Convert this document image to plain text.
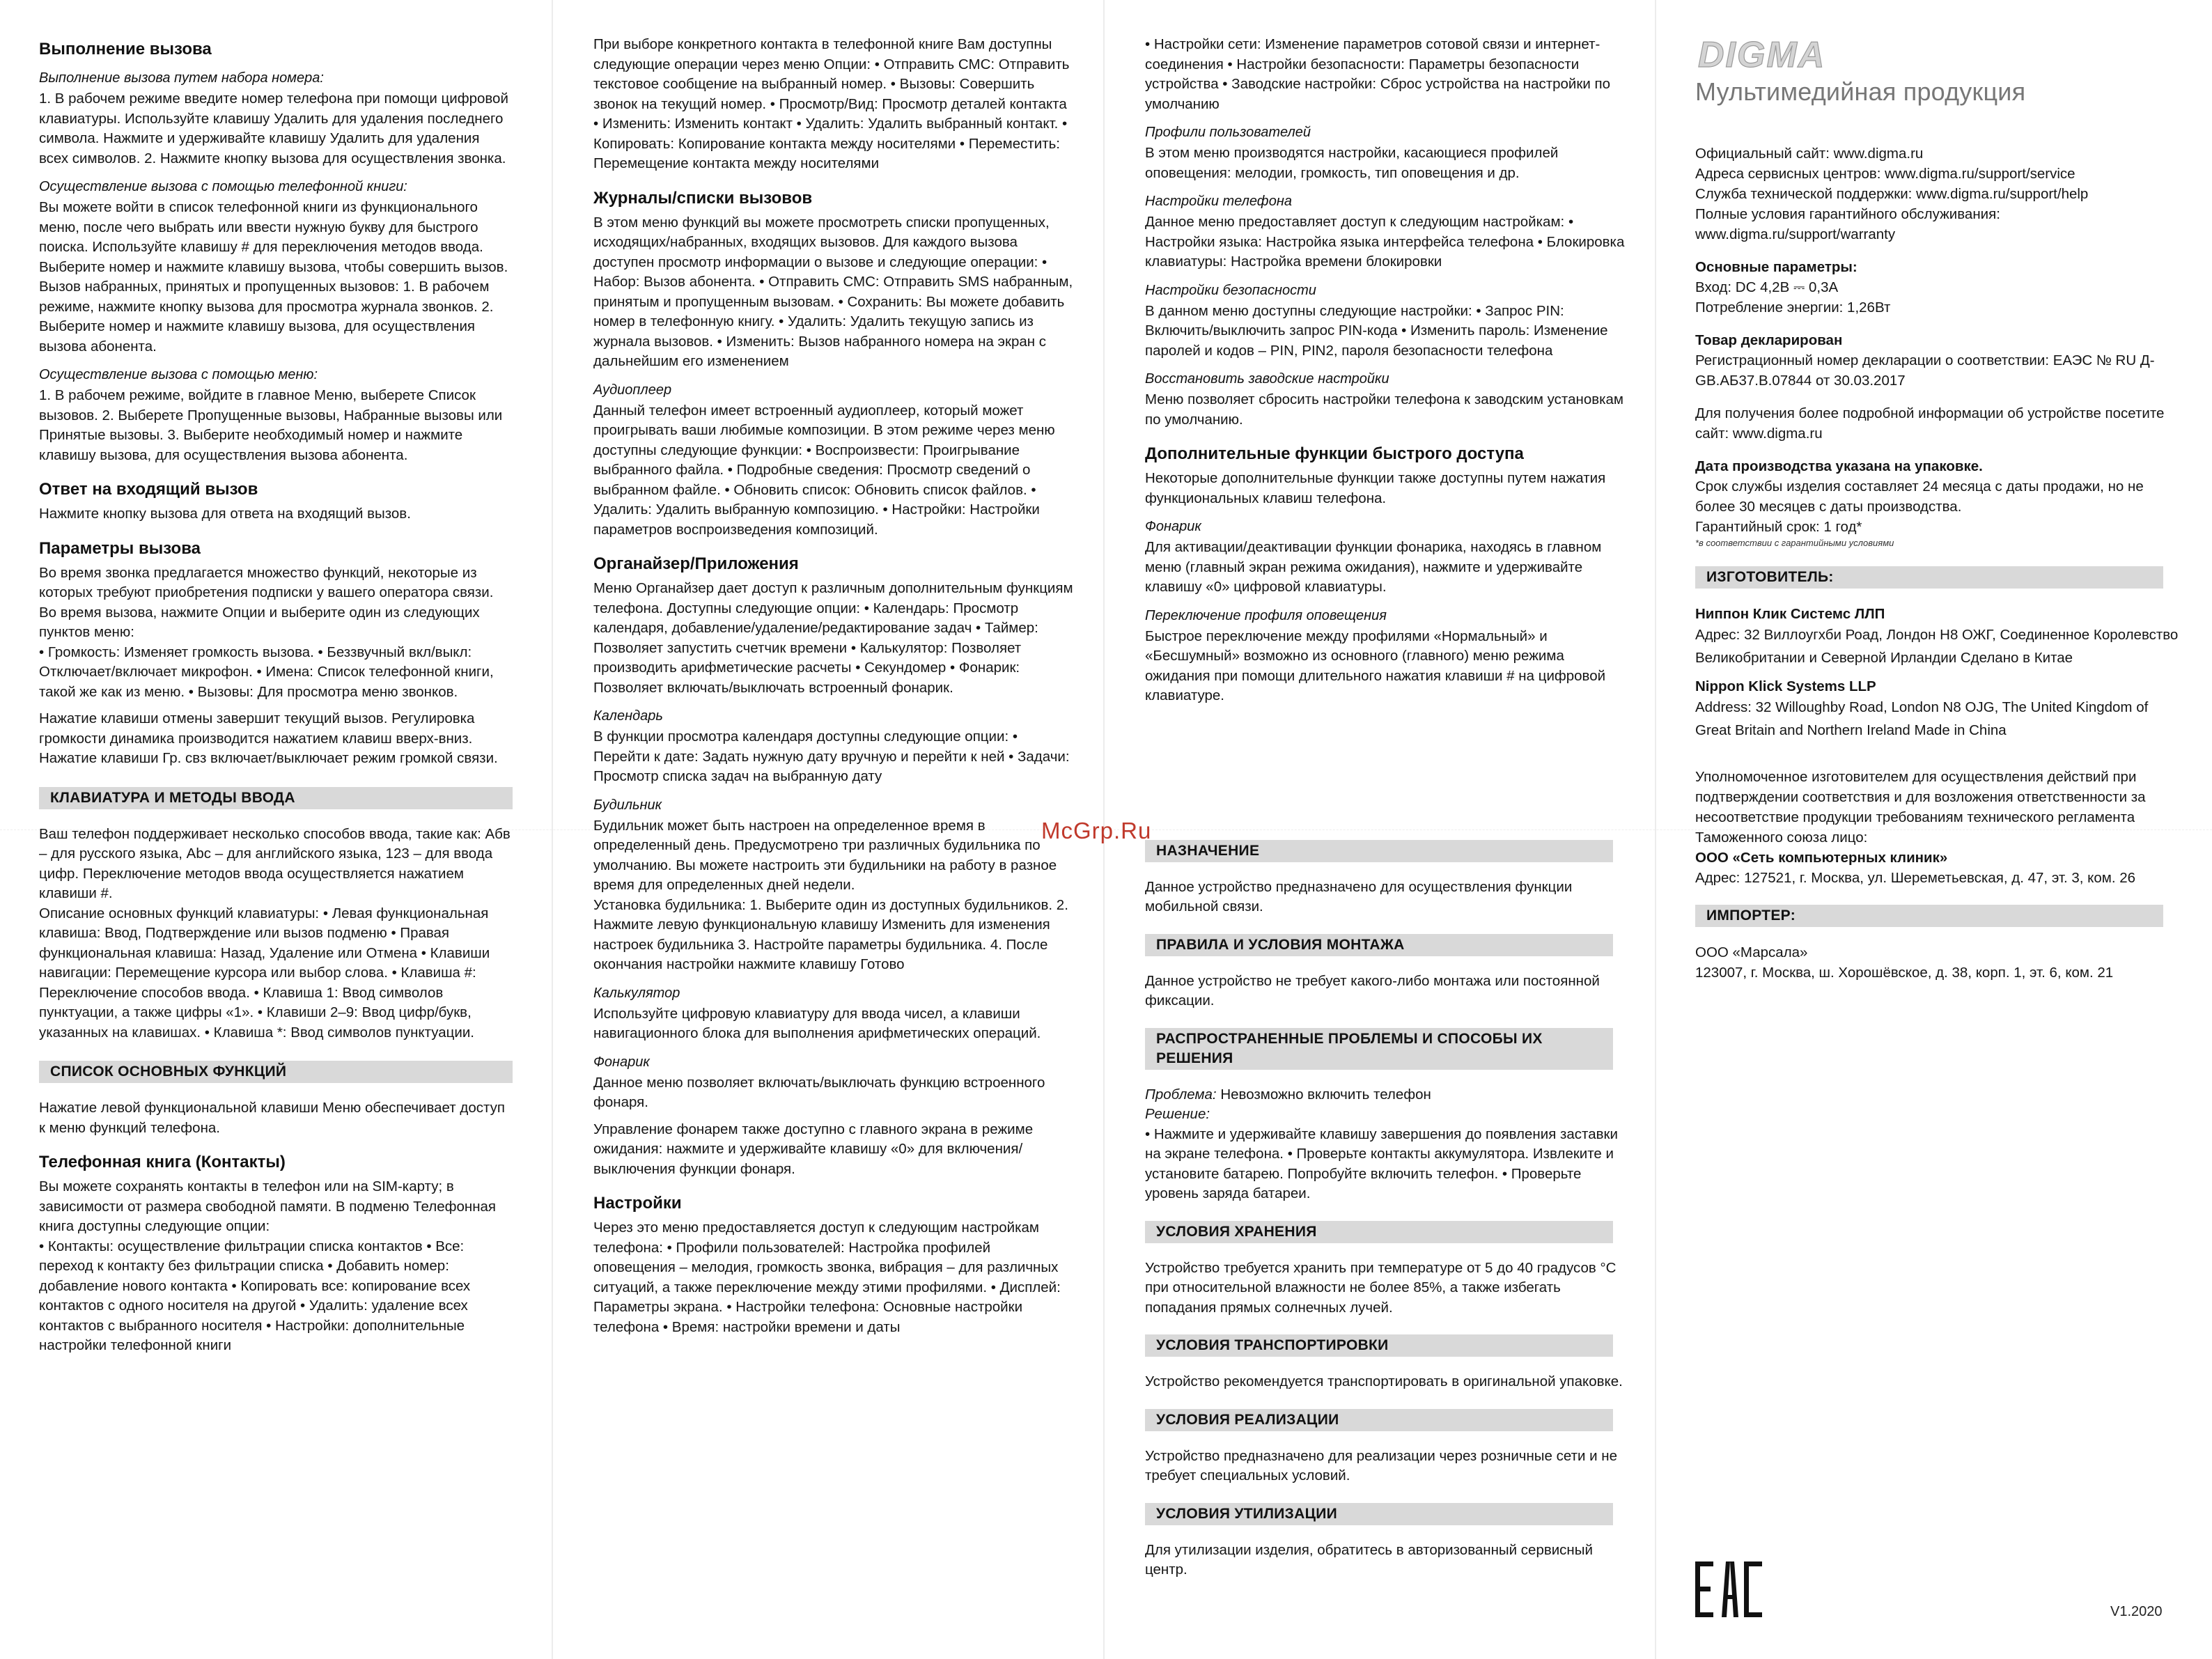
Выполнение вызова
Выполнение вызова путем набора номера:

1. В рабочем режиме введите номер телефона при помощи цифровой клавиатуры. Используйте клавишу Удалить для удаления последнего символа. Нажмите и удерживайте клавишу Удалить для удаления всех символов. 2. Нажмите кнопку вызова для осуществления звонка.

Осуществление вызова с помощью телефонной книги:

Вы можете войти в список телефонной книги из функционального меню, после чего выбрать или ввести нужную букву для быстрого поиска. Используйте клавишу # для переключения методов ввода. Выберите номер и нажмите клавишу вызова, чтобы совершить вызов.

Вызов набранных, принятых и пропущенных вызовов: 1. В рабочем режиме, нажмите кнопку вызова для просмотра журнала звонков. 2. Выберите номер и нажмите клавишу вызова, для осуществления вызова абонента.

Осуществление вызова с помощью меню:

1. В рабочем режиме, войдите в главное Меню, выберете Список вызовов. 2. Выберете Пропущенные вызовы, Набранные вызовы или Принятые вызовы. 3. Выберите необходимый номер и нажмите клавишу вызова, для осуществления вызова абонента.

Ответ на входящий вызов

Нажмите кнопку вызова для ответа на входящий вызов.

Параметры вызова

Во время звонка предлагается множество функций, некоторые из которых требуют приобретения подписки у вашего оператора связи. Во время вызова, нажмите Опции и выберите один из следующих пунктов меню:

• Громкость: Изменяет громкость вызова. • Беззвучный вкл/выкл: Отключает/включает микрофон. • Имена: Список телефонной книги, такой же как из меню. • Вызовы: Для просмотра меню звонков.

Нажатие клавиши отмены завершит текущий вызов. Регулировка громкости динамика производится нажатием клавиш вверх-вниз. Нажатие клавиши Гр. свз включает/выключает режим громкой связи.

КЛАВИАТУРА И МЕТОДЫ ВВОДА

Ваш телефон поддерживает несколько способов ввода, такие как: Абв – для русского языка, Abc – для английского языка, 123 – для ввода цифр. Переключение методов ввода осуществляется нажатием клавиши #.

Описание основных функций клавиатуры: • Левая функциональная клавиша: Ввод, Подтверждение или вызов подменю • Правая функциональная клавиша: Назад, Удаление или Отмена • Клавиши навигации: Перемещение курсора или выбор слова. • Клавиша #: Переключение способов ввода. • Клавиша 1: Ввод символов пунктуации, а также цифры «1». • Клавиши 2–9: Ввод цифр/букв, указанных на клавишах. • Клавиша *: Ввод символов пунктуации.

СПИСОК ОСНОВНЫХ ФУНКЦИЙ

Нажатие левой функциональной клавиши Меню обеспечивает доступ к меню функций телефона.

Телефонная книга (Контакты)

Вы можете сохранять контакты в телефон или на SIM-карту; в зависимости от размера свободной памяти. В подменю Телефонная книга доступны следующие опции:

• Контакты: осуществление фильтрации списка контактов • Все: переход к контакту без фильтрации списка • Добавить номер: добавление нового контакта • Копировать все: копирование всех контактов с одного носителя на другой • Удалить: удаление всех контактов с выбранного носителя • Настройки: дополнительные настройки телефонной книги

При выборе конкретного контакта в телефонной книге Вам доступны следующие операции через меню Опции: • Отправить СМС: Отправить текстовое сообщение на выбранный номер. • Вызовы: Совершить звонок на текущий номер. • Просмотр/Вид: Просмотр деталей контакта • Изменить: Изменить контакт • Удалить: Удалить выбранный контакт. • Копировать: Копирование контакта между носителями • Переместить: Перемещение контакта между носителями

Журналы/списки вызовов

В этом меню функций вы можете просмотреть списки пропущенных, исходящих/набранных, входящих вызовов. Для каждого вызова доступен просмотр информации о вызове и следующие операции: • Набор: Вызов абонента. • Отправить СМС: Отправить SMS набранным, принятым и пропущенным вызовам. • Сохранить: Вы можете добавить номер в телефонную книгу. • Удалить: Удалить текущую запись из журнала вызовов. • Изменить: Вызов набранного номера на экран с дальнейшим его изменением

Аудиоплеер

Данный телефон имеет встроенный аудиоплеер, который может проигрывать ваши любимые композиции. В этом режиме через меню доступны следующие функции: • Воспроизвести: Проигрывание выбранного файла. • Подробные сведения: Просмотр сведений о выбранном файле. • Обновить список: Обновить список файлов. • Удалить: Удалить выбранную композицию. • Настройки: Настройки параметров воспроизведения композиций.

Органайзер/Приложения

Меню Органайзер дает доступ к различным дополнительным функциям телефона. Доступны следующие опции: • Календарь: Просмотр календаря, добавление/удаление/редактирование задач • Таймер: Позволяет запустить счетчик времени • Калькулятор: Позволяет производить арифметические расчеты • Секундомер • Фонарик: Позволяет включать/выключать встроенный фонарик.

Календарь

В функции просмотра календаря доступны следующие опции: • Перейти к дате: Задать нужную дату вручную и перейти к ней • Задачи: Просмотр списка задач на выбранную дату

Будильник

Будильник может быть настроен на определенное время в определенный день. Предусмотрено три различных будильника по умолчанию. Вы можете настроить эти будильники на работу в разное время для определенных дней недели.

Установка будильника: 1. Выберите один из доступных будильников. 2. Нажмите левую функциональную клавишу Изменить для изменения настроек будильника 3. Настройте параметры будильника. 4. После окончания настройки нажмите клавишу Готово

Калькулятор

Используйте цифровую клавиатуру для ввода чисел, а клавиши навигационного блока для выполнения арифметических операций.

Фонарик

Данное меню позволяет включать/выключать функцию встроенного фонаря.

Управление фонарем также доступно с главного экрана в режиме ожидания: нажмите и удерживайте клавишу «0» для включения/выключения функции фонаря.

Настройки

Через это меню предоставляется доступ к следующим настройкам телефона: • Профили пользователей: Настройка профилей оповещения – мелодия, громкость звонка, вибрация – для различных ситуаций, а также переключение между этими профилями. • Дисплей: Параметры экрана. • Настройки телефона: Основные настройки телефона • Время: настройки времени и даты

• Настройки сети: Изменение параметров сотовой связи и интернет-соединения • Настройки безопасности: Параметры безопасности устройства • Заводские настройки: Сброс устройства на настройки по умолчанию

Профили пользователей

В этом меню производятся настройки, касающиеся профилей оповещения: мелодии, громкость, тип оповещения и др.

Настройки телефона

Данное меню предоставляет доступ к следующим настройкам: • Настройки языка: Настройка языка интерфейса телефона • Блокировка клавиатуры: Настройка времени блокировки

Настройки безопасности

В данном меню доступны следующие настройки: • Запрос PIN: Включить/выключить запрос PIN-кода • Изменить пароль: Изменение паролей и кодов – PIN, PIN2, пароля безопасности телефона

Восстановить заводские настройки

Меню позволяет сбросить настройки телефона к заводским установкам по умолчанию.

Дополнительные функции быстрого доступа

Некоторые дополнительные функции также доступны путем нажатия функциональных клавиш телефона.

Фонарик

Для активации/деактивации функции фонарика, находясь в главном меню (главный экран режима ожидания), нажмите и удерживайте клавишу «0» цифровой клавиатуры.

Переключение профиля оповещения

Быстрое переключение между профилями «Нормальный» и «Бесшумный» возможно из основного (главного) меню режима ожидания при помощи длительного нажатия клавиши # на цифровой клавиатуре.

НАЗНАЧЕНИЕ

Данное устройство предназначено для осуществления функции мобильной связи.

ПРАВИЛА И УСЛОВИЯ МОНТАЖА

Данное устройство не требует какого-либо монтажа или постоянной фиксации.

РАСПРОСТРАНЕННЫЕ ПРОБЛЕМЫ И СПОСОБЫ ИХ РЕШЕНИЯ

Проблема: Невозможно включить телефон

Решение:

• Нажмите и удерживайте клавишу завершения до появления заставки на экране телефона. • Проверьте контакты аккумулятора. Извлеките и установите батарею. Попробуйте включить телефон. • Проверьте уровень заряда батареи.

УСЛОВИЯ ХРАНЕНИЯ

Устройство требуется хранить при температуре от 5 до 40 градусов °С при относительной влажности не более 85%, а также избегать попадания прямых солнечных лучей.

УСЛОВИЯ ТРАНСПОРТИРОВКИ

Устройство рекомендуется транспортировать в оригинальной упаковке.

УСЛОВИЯ РЕАЛИЗАЦИИ

Устройство предназначено для реализации через розничные сети и не требует специальных условий.

УСЛОВИЯ УТИЛИЗАЦИИ

Для утилизации изделия, обратитесь в авторизованный сервисный центр.

DIGMA
Мультимедийная продукция

Официальный сайт: www.digma.ru

Адреса сервисных центров: www.digma.ru/support/service

Служба технической поддержки: www.digma.ru/support/help

Полные условия гарантийного обслуживания: www.digma.ru/support/warranty

Основные параметры:

Вход: DC 4,2В ⎓ 0,3А

Потребление энергии: 1,26Вт

Товар декларирован

Регистрационный номер декларации о соответствии: ЕАЭС № RU Д-GB.АБ37.В.07844 от 30.03.2017

Для получения более подробной информации об устройстве посетите сайт: www.digma.ru

Дата производства указана на упаковке.

Срок службы изделия составляет 24 месяца с даты продажи, но не более 30 месяцев с даты производства.

Гарантийный срок: 1 год*

*в соответствии с гарантийными условиями
ИЗГОТОВИТЕЛЬ:

Ниппон Клик Системс ЛЛП

Адрес: 32 Виллоугхби Роад, Лондон Н8 ОЖГ, Соединенное Королевство Великобритании и Северной Ирландии Сделано в Китае

Nippon Klick Systems LLP

Address: 32 Willoughby Road, London N8 OJG, The United Kingdom of Great Britain and Northern Ireland Made in China

Уполномоченное изготовителем для осуществления действий при подтверждении соответствия и для возложения ответственности за несоответствие продукции требованиям технического регламента Таможенного союза лицо:

ООО «Сеть компьютерных клиник»

Адрес: 127521, г. Москва, ул. Шереметьевская, д. 47, эт. 3, ком. 26

ИМПОРТЕР:

ООО «Марсала»

123007, г. Москва, ш. Хорошёвское, д. 38, корп. 1, эт. 6, ком. 21

V1.2020
McGrp.Ru
